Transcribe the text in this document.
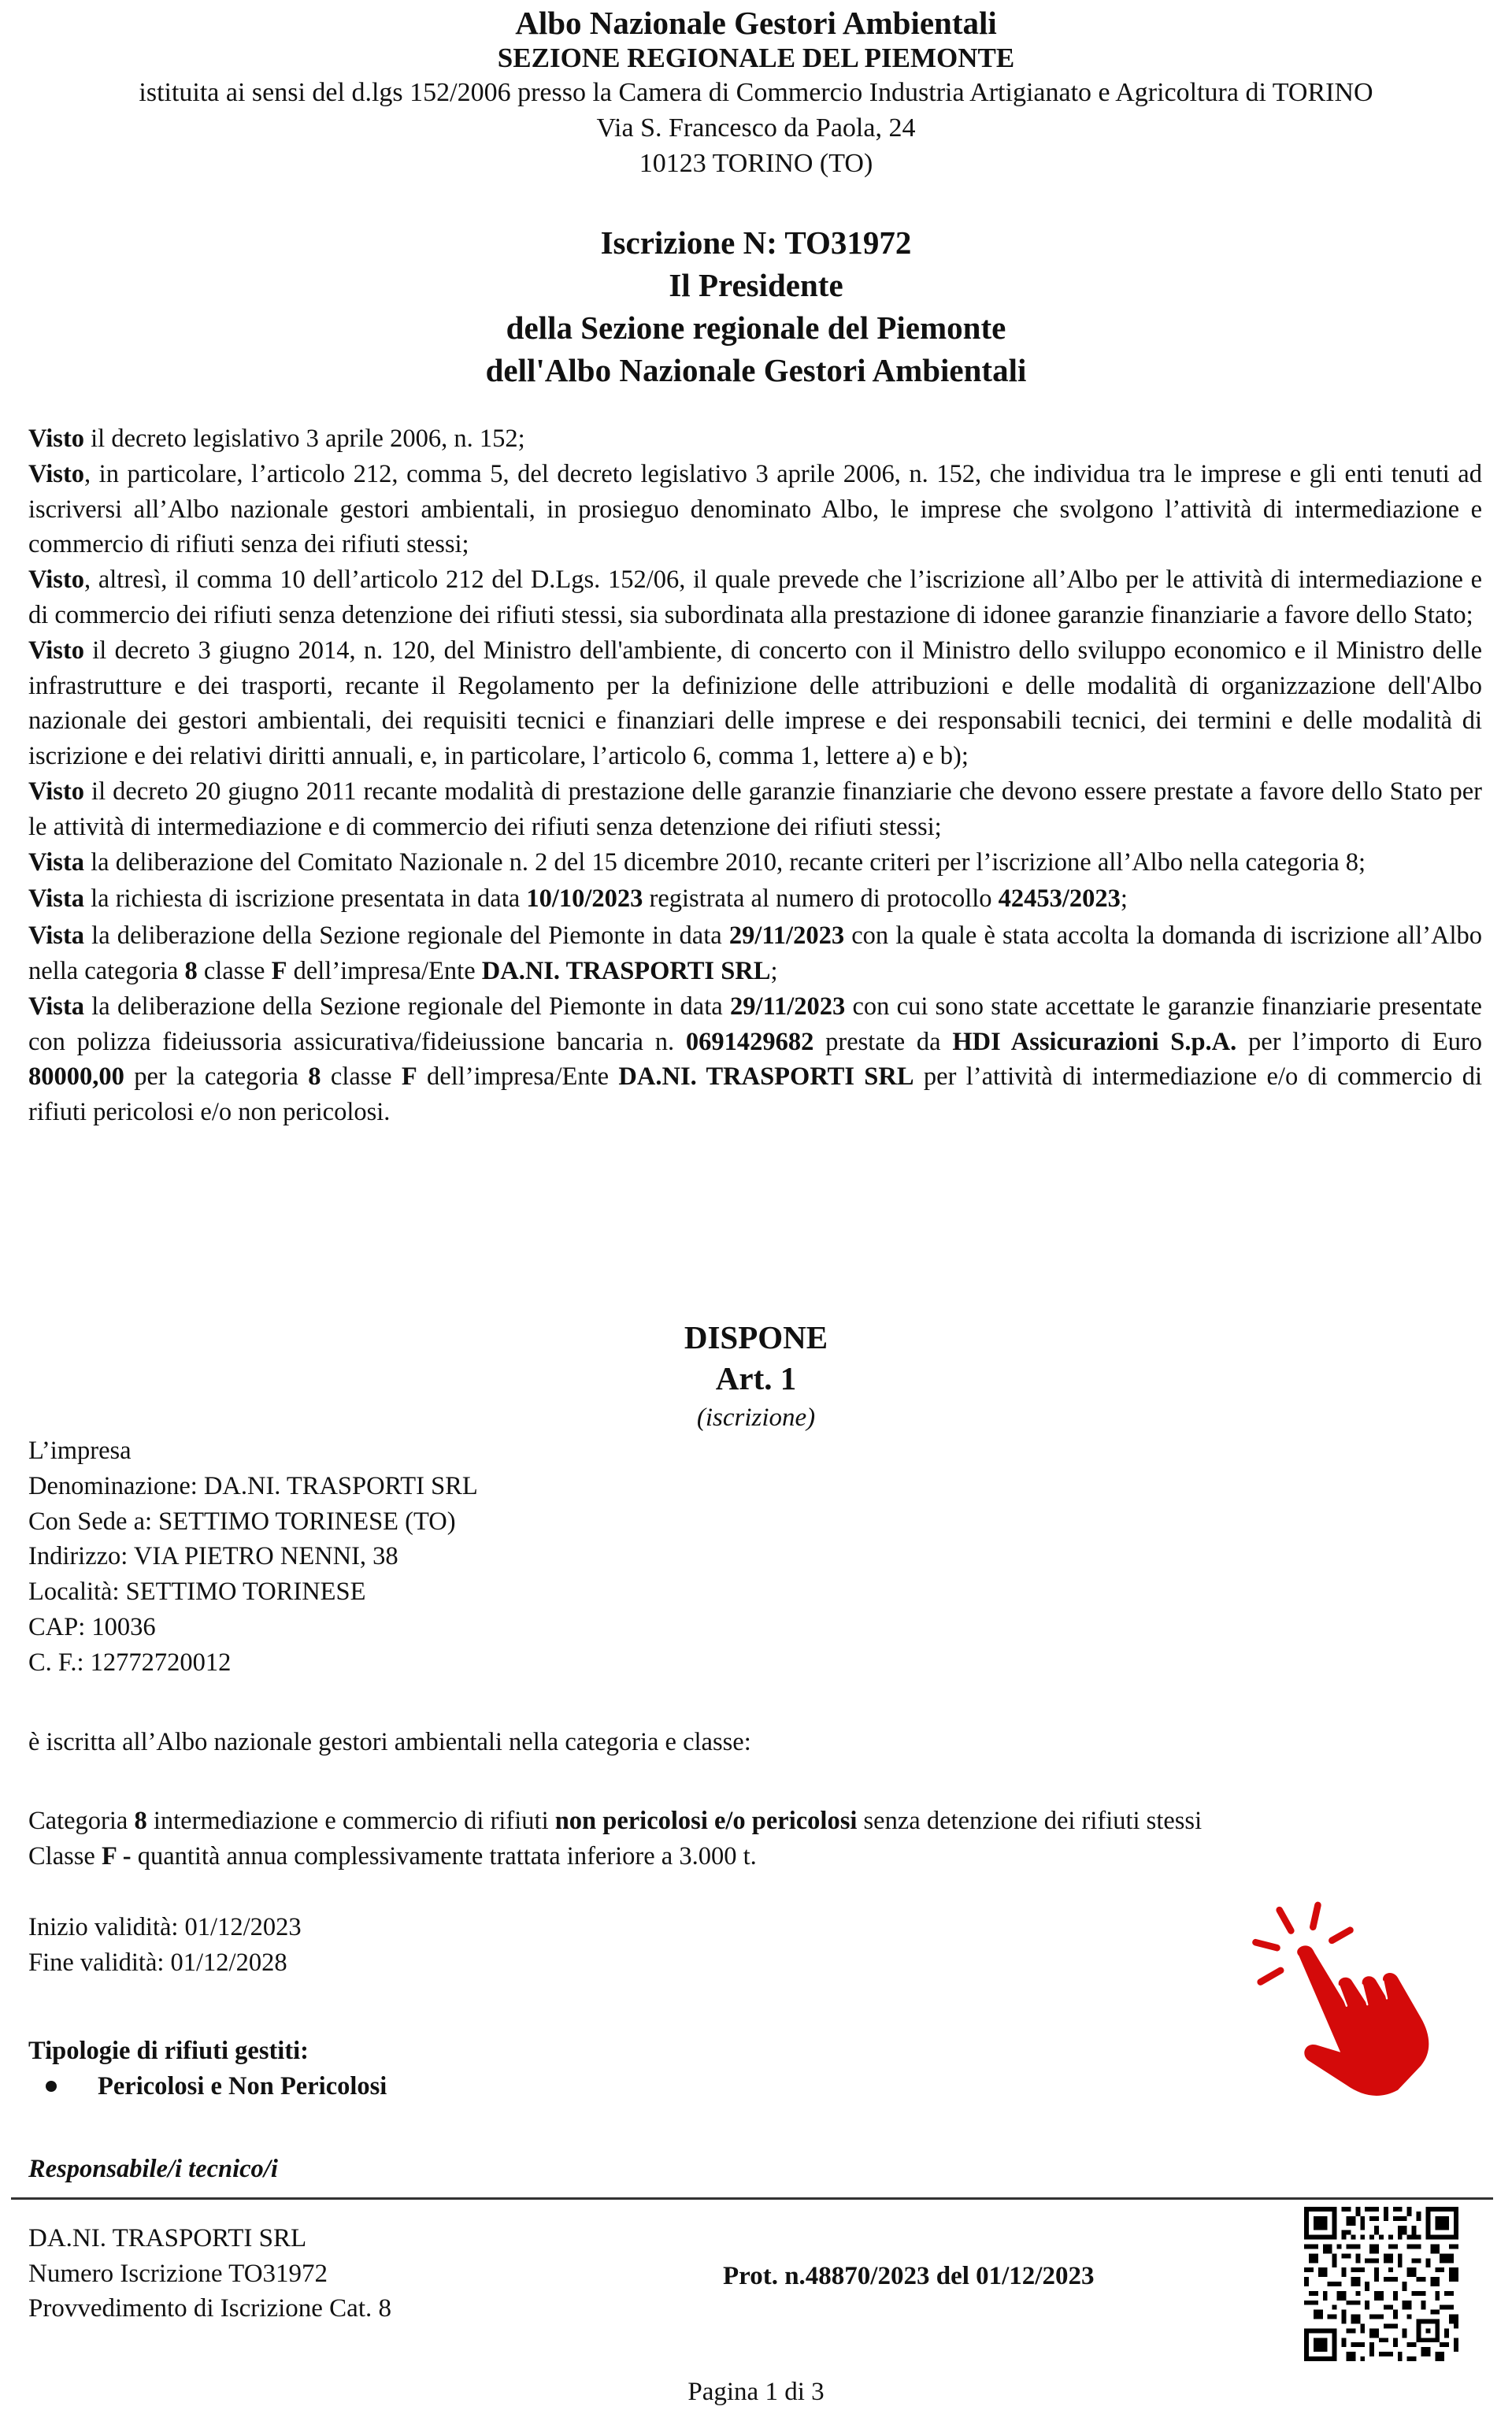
Albo Nazionale Gestori Ambientali
SEZIONE REGIONALE DEL PIEMONTE
istituita ai sensi del d.lgs 152/2006 presso la Camera di Commercio Industria Artigianato e Agricoltura di TORINO
Via S. Francesco da Paola, 24
10123 TORINO (TO)
Iscrizione N: TO31972
Il Presidente
della Sezione regionale del Piemonte
dell'Albo Nazionale Gestori Ambientali
Visto il decreto legislativo 3 aprile 2006, n. 152;
Visto, in particolare, l’articolo 212, comma 5, del decreto legislativo 3 aprile 2006, n. 152, che individua tra le imprese e gli enti tenuti ad iscriversi all’Albo nazionale gestori ambientali, in prosieguo denominato Albo, le imprese che svolgono l’attività di intermediazione e commercio di rifiuti senza dei rifiuti stessi;
Visto, altresì, il comma 10 dell’articolo 212 del D.Lgs. 152/06, il quale prevede che l’iscrizione all’Albo per le attività di intermediazione e di commercio dei rifiuti senza detenzione dei rifiuti stessi, sia subordinata alla prestazione di idonee garanzie finanziarie a favore dello Stato;
Visto il decreto 3 giugno 2014, n. 120, del Ministro dell'ambiente, di concerto con il Ministro dello sviluppo economico e il Ministro delle infrastrutture e dei trasporti, recante il Regolamento per la definizione delle attribuzioni e delle modalità di organizzazione dell'Albo nazionale dei gestori ambientali, dei requisiti tecnici e finanziari delle imprese e dei responsabili tecnici, dei termini e delle modalità di iscrizione e dei relativi diritti annuali, e, in particolare, l’articolo 6, comma 1, lettere a) e b);
Visto il decreto 20 giugno 2011 recante modalità di prestazione delle garanzie finanziarie che devono essere prestate a favore dello Stato per le attività di intermediazione e di commercio dei rifiuti senza detenzione dei rifiuti stessi;
Vista la deliberazione del Comitato Nazionale n. 2 del 15 dicembre 2010, recante criteri per l’iscrizione all’Albo nella categoria 8;
Vista la richiesta di iscrizione presentata in data 10/10/2023 registrata al numero di protocollo 42453/2023;
Vista la deliberazione della Sezione regionale del Piemonte in data 29/11/2023 con la quale è stata accolta la domanda di iscrizione all’Albo nella categoria 8 classe F dell’impresa/Ente DA.NI. TRASPORTI SRL;
Vista la deliberazione della Sezione regionale del Piemonte in data 29/11/2023 con cui sono state accettate le garanzie finanziarie presentate con polizza fideiussoria assicurativa/fideiussione bancaria n. 0691429682 prestate da HDI Assicurazioni S.p.A. per l’importo di Euro 80000,00 per la categoria 8 classe F dell’impresa/Ente DA.NI. TRASPORTI SRL per l’attività di intermediazione e/o di commercio di rifiuti pericolosi e/o non pericolosi.
DISPONE
Art. 1
(iscrizione)
L’impresa
Denominazione: DA.NI. TRASPORTI SRL
Con Sede a: SETTIMO TORINESE (TO)
Indirizzo: VIA PIETRO NENNI, 38
Località: SETTIMO TORINESE
CAP: 10036
C. F.: 12772720012
è iscritta all’Albo nazionale gestori ambientali nella categoria e classe:
Categoria 8 intermediazione e commercio di rifiuti non pericolosi e/o pericolosi senza detenzione dei rifiuti stessi
Classe F - quantità annua complessivamente trattata inferiore a 3.000 t.
Inizio validità: 01/12/2023
Fine validità: 01/12/2028
Tipologie di rifiuti gestiti:
Pericolosi e Non Pericolosi
Responsabile/i tecnico/i
DA.NI. TRASPORTI SRL
Numero Iscrizione TO31972
Provvedimento di Iscrizione Cat. 8
Prot. n.48870/2023 del 01/12/2023
Pagina 1 di 3
